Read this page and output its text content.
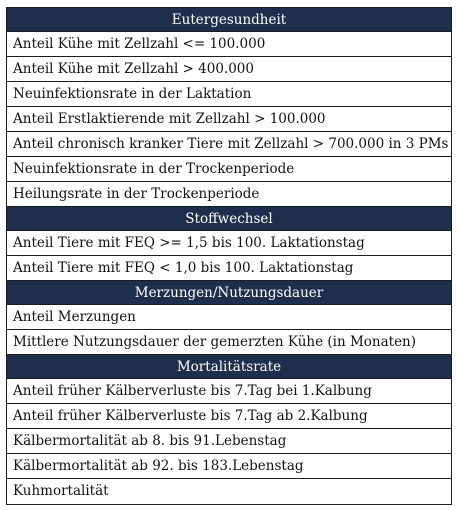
Eutergesundheit
Anteil Kühe mit Zellzahl <= 100.000
Anteil Kühe mit Zellzahl > 400.000
Neuinfektionsrate in der Laktation
Anteil Erstlaktierende mit Zellzahl > 100.000
Anteil chronisch kranker Tiere mit Zellzahl > 700.000 in 3 PMs
Neuinfektionsrate in der Trockenperiode
Heilungsrate in der Trockenperiode
Stoffwechsel
Anteil Tiere mit FEQ >= 1,5 bis 100. Laktationstag
Anteil Tiere mit FEQ < 1,0 bis 100. Laktationstag
Merzungen/Nutzungsdauer
Anteil Merzungen
Mittlere Nutzungsdauer der gemerzten Kühe (in Monaten)
Mortalitätsrate
Anteil früher Kälberverluste bis 7.Tag bei 1.Kalbung
Anteil früher Kälberverluste bis 7.Tag ab 2.Kalbung
Kälbermortalität ab 8. bis 91.Lebenstag
Kälbermortalität ab 92. bis 183.Lebenstag
Kuhmortalität
